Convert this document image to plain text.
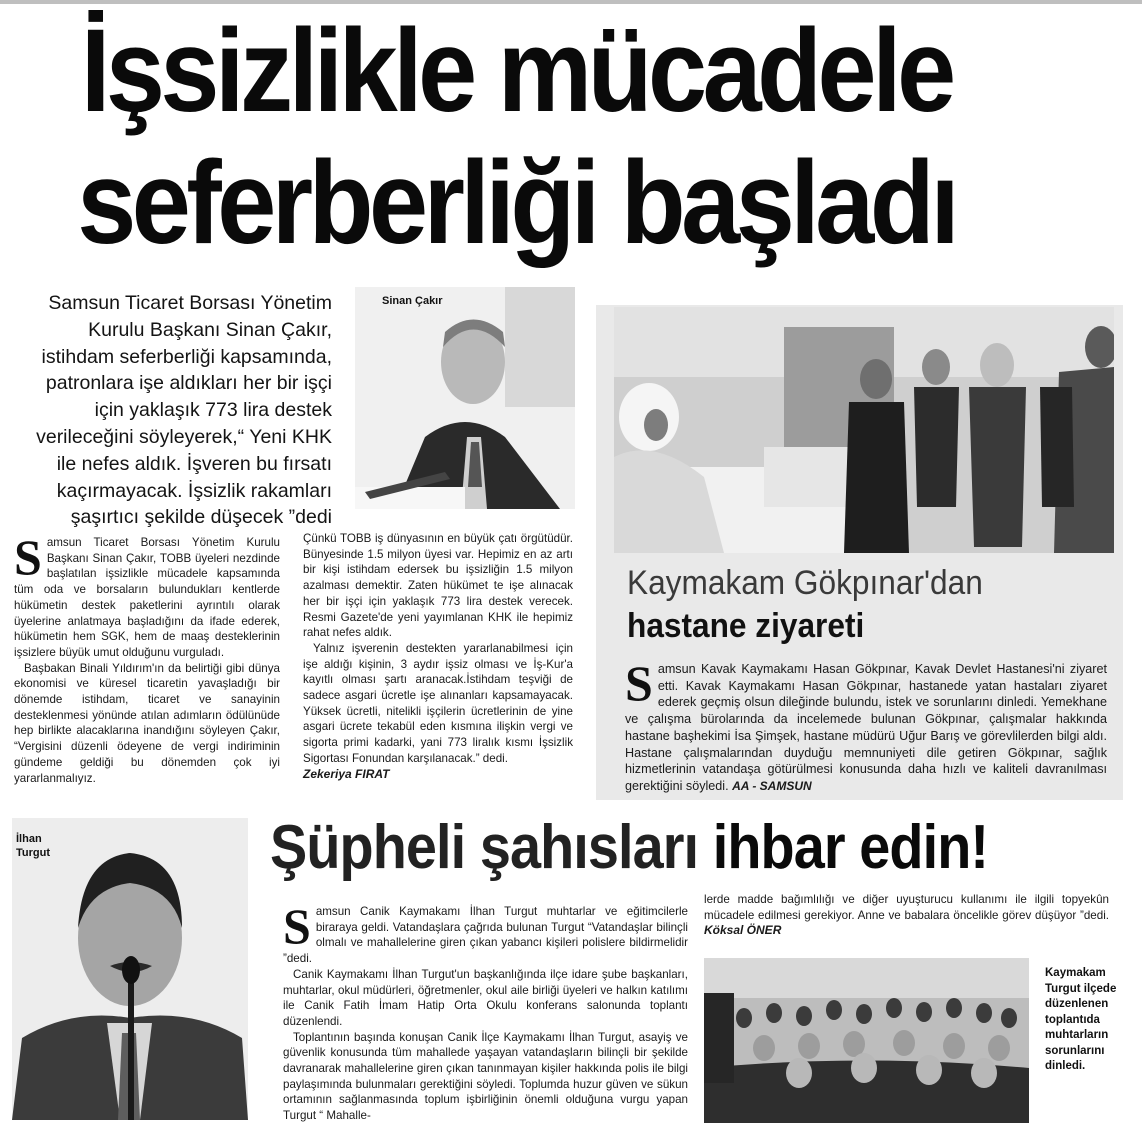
İşsizlikle mücadele
seferberliği başladı

Samsun Ticaret Borsası Yönetim Kurulu Başkanı Sinan Çakır, istihdam seferberliği kapsamında, patronlara işe aldıkları her bir işçi için yaklaşık 773 lira destek verileceğini söyleyerek,“ Yeni KHK ile nefes aldık. İşveren bu fırsatı kaçırmayacak. İşsizlik rakamları şaşırtıcı şekilde düşecek ”dedi

Sinan Çakır

Samsun Ticaret Borsası Yönetim Kurulu Başkanı Sinan Çakır, TOBB üyeleri nezdinde başlatılan işsizlikle mücadele kapsamında tüm oda ve borsaların bulundukları kentlerde hükümetin destek paketlerini ayrıntılı olarak üyelerine anlatmaya başladığını da ifade ederek, hükümetin hem SGK, hem de maaş desteklerinin işsizlere büyük umut olduğunu vurguladı.

Başbakan Binali Yıldırım'ın da belirtiği gibi dünya ekonomisi ve küresel ticaretin yavaşladığı bir dönemde istihdam, ticaret ve sanayinin desteklenmesi yönünde atılan adımların ödülünüde hep birlikte alacaklarına inandığını söyleyen Çakır, “Vergisini düzenli ödeyene de vergi indiriminin gündeme geldiği bu dönemden çok iyi yararlanmalıyız.

Çünkü TOBB iş dünyasının en büyük çatı örgütüdür. Bünyesinde 1.5 milyon üyesi var. Hepimiz en az artı bir kişi istihdam edersek bu işsizliğin 1.5 milyon azalması demektir. Zaten hükümet te işe alınacak her bir işçi için yaklaşık 773 lira destek verecek. Resmi Gazete'de yeni yayımlanan KHK ile hepimiz rahat nefes aldık.

Yalnız işverenin destekten yararlanabilmesi için işe aldığı kişinin, 3 aydır işsiz olması ve İş-Kur'a kayıtlı olması şartı aranacak.İstihdam teşviği de sadece asgari ücretle işe alınanları kapsamayacak. Yüksek ücretli, nitelikli işçilerin ücretlerinin de yine asgari ücrete tekabül eden kısmına ilişkin vergi ve sigorta primi kadarki, yani 773 liralık kısmı İşsizlik Sigortası Fonundan karşılanacak.” dedi.

Zekeriya FIRAT

Kaymakam Gökpınar'dan
hastane ziyareti

Samsun Kavak Kaymakamı Hasan Gökpınar, Kavak Devlet Hastanesi'ni ziyaret etti. Kavak Kaymakamı Hasan Gökpınar, hastanede yatan hastaları ziyaret ederek geçmiş olsun dileğinde bulundu, istek ve sorunlarını dinledi. Yemekhane ve çalışma bürolarında da incelemede bulunan Gökpınar, çalışmalar hakkında hastane başhekimi İsa Şimşek, hastane müdürü Uğur Barış ve görevlilerden bilgi aldı. Hastane çalışmalarından duyduğu memnuniyeti dile getiren Gökpınar, sağlık hizmetlerinin vatandaşa götürülmesi konusunda daha hızlı ve kaliteli davranılması gerektiğini söyledi. AA - SAMSUN

İlhan Turgut	Şüpheli şahısları ihbar edin!

Samsun Canik Kaymakamı İlhan Turgut muhtarlar ve eğitimcilerle biraraya geldi. Vatandaşlara çağrıda bulunan Turgut “Vatandaşlar bilinçli olmalı ve mahallelerine giren çıkan yabancı kişileri polislere bildirmelidir ”dedi.

Canik Kaymakamı İlhan Turgut'un başkanlığında ilçe idare şube başkanları, muhtarlar, okul müdürleri, öğretmenler, okul aile birliği üyeleri ve halkın katılımı ile Canik Fatih İmam Hatip Orta Okulu konferans salonunda toplantı düzenlendi.

Toplantının başında konuşan Canik İlçe Kaymakamı İlhan Turgut, asayiş ve güvenlik konusunda tüm mahallede yaşayan vatandaşların bilinçli bir şekilde davranarak mahallelerine giren çıkan tanınmayan kişiler hakkında polis ile bilgi paylaşımında bulunmaları gerektiğini söyledi. Toplumda huzur güven ve sükun ortamının sağlanmasında toplum işbirliğinin önemli olduğuna vurgu yapan Turgut “ Mahalle-

lerde madde bağımlılığı ve diğer uyuşturucu kullanımı ile ilgili topyekûn mücadele edilmesi gerekiyor. Anne ve babalara öncelikle görev düşüyor ”dedi. Köksal ÖNER

Kaymakam Turgut ilçede düzenlenen toplantıda muhtarların sorunlarını dinledi.
